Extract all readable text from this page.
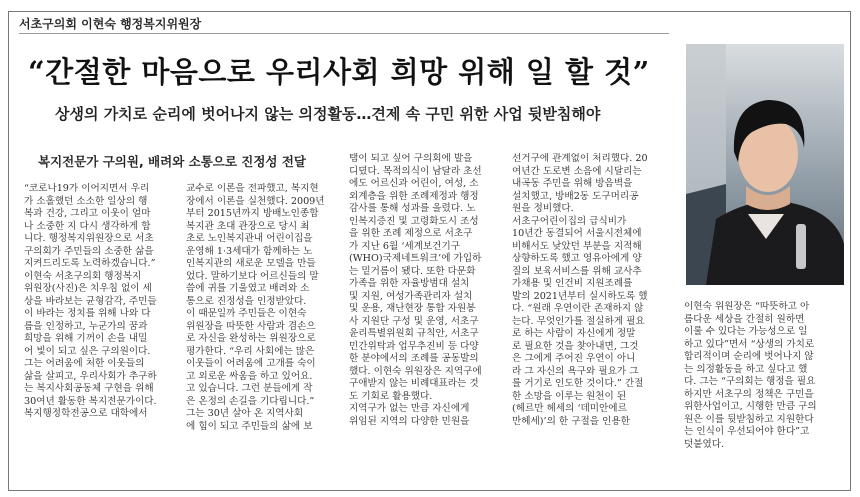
서초구의회 이현숙 행정복지위원장
“간절한 마음으로 우리사회 희망 위해 일 할 것”
상생의 가치로 순리에 벗어나지 않는 의정활동…견제 속 구민 위한 사업 뒷받침해야
복지전문가 구의원, 배려와 소통으로 진정성 전달
“코로나19가 이어지면서 우리
가 소홀했던 소소한 일상의 행
복과 건강, 그리고 이웃이 얼마
나 소중한 지 다시 생각하게 합
니다. 행정복지위원장으로 서초
구의회가 주민들의 소중한 삶을
지켜드리도록 노력하겠습니다.”
이현숙 서초구의회 행정복지
위원장(사진)은 치우침 없이 세
상을 바라보는 균형감각, 주민들
이 바라는 정치를 위해 나와 다
름을 인정하고, 누군가의 꿈과
희망을 위해 기꺼이 손을 내밀
어 빛이 되고 싶은 구의원이다.
그는 어려움에 처한 이웃들의
삶을 살피고, 우리사회가 추구하
는 복지사회공동체 구현을 위해
30여년 활동한 복지전문가이다.
복지행정학전공으로 대학에서
교수로 이론을 전파했고, 복지현
장에서 이론을 실천했다. 2009년
부터 2015년까지 방배노인종합
복지관 초대 관장으로 당시 최
초로 노인복지관내 어린이집을
운영해 1·3세대가 함께하는 노
인복지관의 새로운 모델을 만들
었다. 말하기보다 어르신들의 말
씀에 귀를 기울였고 배려와 소
통으로 진정성을 인정받았다.
이 때문일까 주민들은 이현숙
위원장을 따뜻한 사람과 겸손으
로 자신을 완성하는 위원장으로
평가한다. “우리 사회에는 많은
이웃들이 어려움에 고개를 숙이
고 외로운 싸움을 하고 있어요.
고 있습니다. 그런 분들에게 작
은 온정의 손길을 기다립니다.”
그는 30년 살아 온 지역사회
에 힘이 되고 주민들의 삶에 보
탬이 되고 싶어 구의회에 발을
디뎠다. 목적의식이 남달라 초선
에도 어르신과 어린이, 여성, 소
외계층을 위한 조례제정과 행정
감사를 통해 성과를 올렸다. 노
인복지증진 및 고령화도시 조성
을 위한 조례 제정으로 서초구
가 지난 6월 ‘세계보건기구
(WHO)국제네트워크’에 가입하
는 밑거름이 됐다. 또한 다문화
가족을 위한 자율방범대 설치
및 지원, 여성가족관리자 설치
및 운용, 재난현장 통합 자원봉
사 지원단 구성 및 운영, 서초구
윤리특별위원회 규칙안, 서초구
민간위탁과 업무추진비 등 다양
한 분야에서의 조례를 공동발의
했다. 이현숙 위원장은 지역구에
구애받지 않는 비례대표라는 것
도 기회로 활용했다.
지역구가 없는 만큼 자신에게
위임된 지역의 다양한 민원을
선거구에 관계없이 처리했다. 20
여년간 도로변 소음에 시달리는
내곡동 주민을 위해 방음벽을
설치했고, 방배2동 도구머리공
원을 정비했다.
서초구어린이집의 급식비가
10년간 동결되어 서울시전체에
비해서도 낮았던 부분을 지적해
상향하도록 했고 영유아에게 양
질의 보육서비스를 위해 교사추
가채용 및 인건비 지원조례를
발의 2021년부터 실시하도록 했
다. “원래 우연이란 존재하지 않
는다. 무엇인가를 절실하게 필요
로 하는 사람이 자신에게 정말
로 필요한 것을 찾아내면, 그것
은 그에게 주어진 우연이 아니
라 그 자신의 욕구와 필요가 그
를 거기로 인도한 것이다.” 간절
한 소망을 이루는 원천이 된
(헤르만 헤세의 ‘데미안에르
만헤세)’의 한 구절을 인용한
이현숙 위원장은 “따뜻하고 아
름다운 세상을 간절히 원하면
이룰 수 있다는 가능성으로 일
하고 있다”면서 “상생의 가치로
합리적이며 순리에 벗어나지 않
는 의정활동을 하고 싶다고 했
다. 그는 “구의회는 행정을 필요
하지만 서초구의 정책은 구민을
위한사업이고, 시행한 만큼 구의
원은 이를 뒷받침하고 지원한다
는 인식이 우선되어야 한다”고
덧붙였다.
